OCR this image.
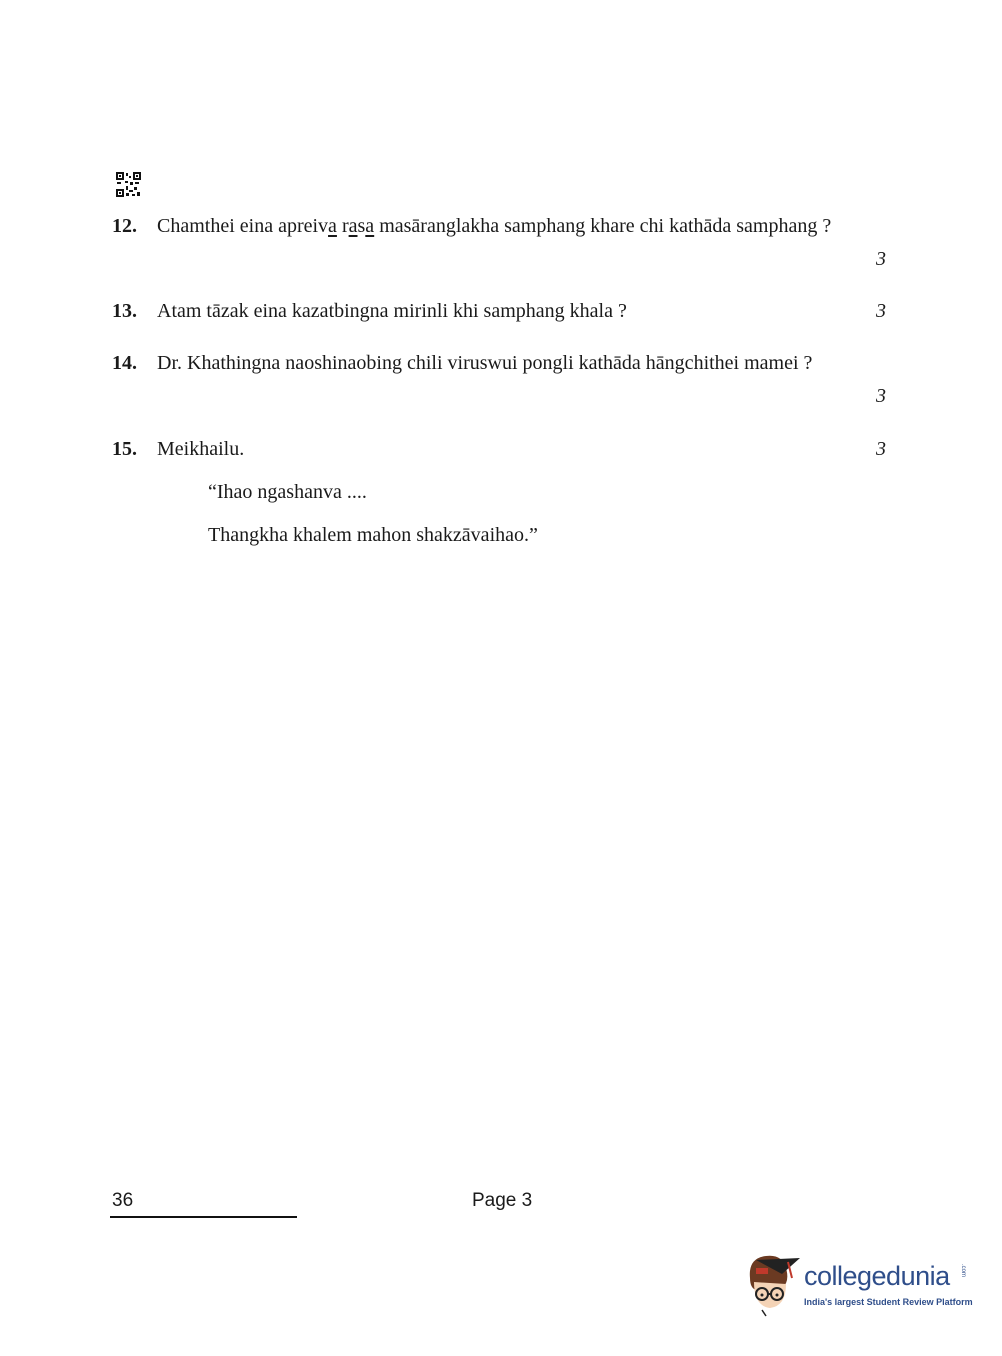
12. Chamthei eina apreiva rasa masāranglakha samphang khare chi kathāda samphang ?
3
13. Atam tāzak eina kazatbingna mirinli khi samphang khala ?	3
14. Dr. Khathingna naoshinaobing chili viruswui pongli kathāda hāngchithei mamei ?
3
15. Meikhailu.	3
“Ihao ngashanva ....
Thangkha khalem mahon shakzāvaihao.”
36	Page 3
collegedunia .com
India's largest Student Review Platform
